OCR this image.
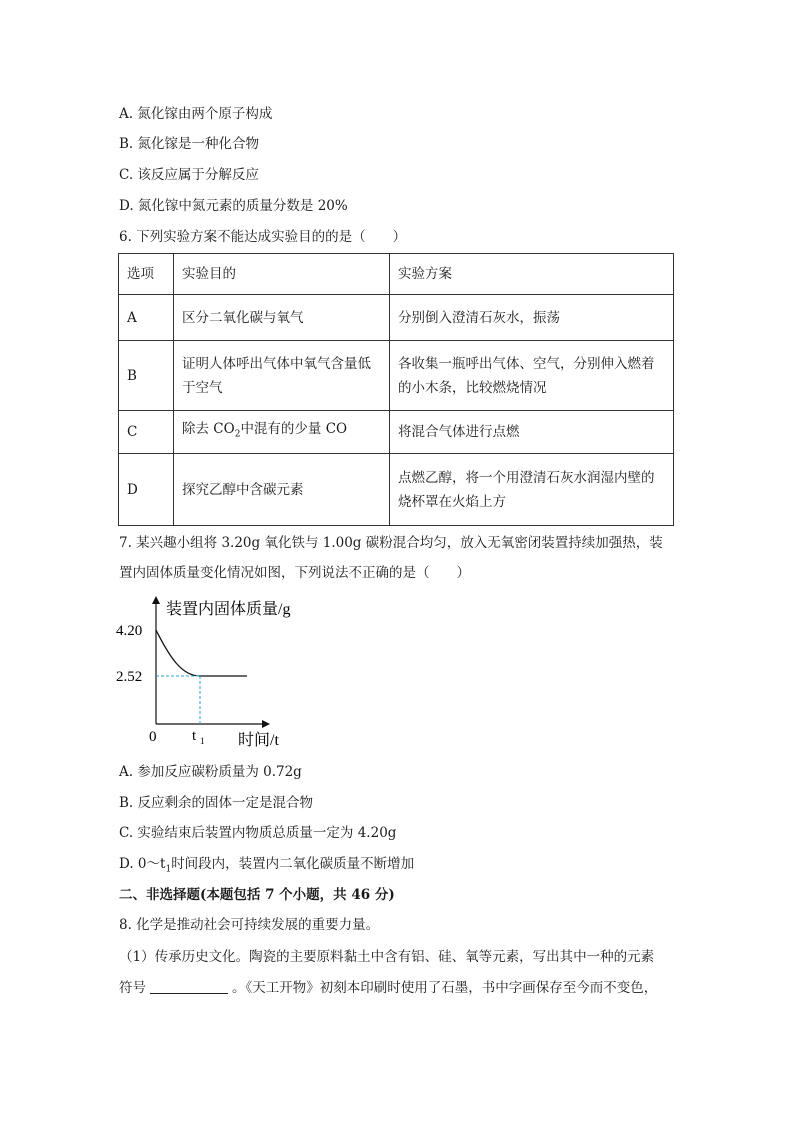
A. 氮化镓由两个原子构成
B. 氮化镓是一种化合物
C. 该反应属于分解反应
D. 氮化镓中氮元素的质量分数是 20%
6. 下列实验方案不能达成实验目的的是（　　）
选项	实验目的	实验方案
A	区分二氧化碳与氧气	分别倒入澄清石灰水，振荡
B	证明人体呼出气体中氧气含量低于空气	各收集一瓶呼出气体、空气，分别伸入燃着的小木条，比较燃烧情况
C	除去 $CO_2$中混有的少量 CO	将混合气体进行点燃
D	探究乙醇中含碳元素	点燃乙醇，将一个用澄清石灰水润湿内壁的烧杯罩在火焰上方
7. 某兴趣小组将 3.20g 氧化铁与 1.00g 碳粉混合均匀，放入无氧密闭装置持续加强热，装
置内固体质量变化情况如图，下列说法不正确的是（　　）
装置内固体质量/g
时间/t
0
4.20
2.52
t 1
A. 参加反应碳粉质量为 0.72g
B. 反应剩余的固体一定是混合物
C. 实验结束后装置内物质总质量一定为 4.20g
D. $0\sim t_1$时间段内，装置内二氧化碳质量不断增加
二、非选择题(本题包括 7 个小题，共 46 分)
8. 化学是推动社会可持续发展的重要力量。
（1）传承历史文化。陶瓷的主要原料黏土中含有铝、硅、氧等元素，写出其中一种的元素
符号	。《天工开物》初刻本印刷时使用了石墨，书中字画保存至今而不变色，
